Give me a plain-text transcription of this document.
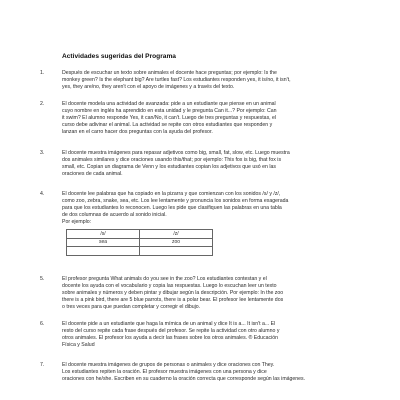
Actividades sugeridas del Programa
1.	Después de escuchar un texto sobre animales el docente hace preguntas; por ejemplo: Is the
monkey green? Is the elephant big? Are turtles fast? Los estudiantes responden yes, it is/no, it isn't,
yes, they are/no, they aren't con el apoyo de imágenes y a través del texto.

2.	El docente modela una actividad de avanzada: pide a un estudiante que piense en un animal
cuyo nombre en inglés ha aprendido en esta unidad y le pregunta Can it...? Por ejemplo: Can
it swim? El alumno responde Yes, it can/No, it can't. Luego de tres preguntas y respuestas, el
curso debe adivinar el animal. La actividad se repite con otros estudiantes que responden y
lanzan en el carro hacer dos preguntas con la ayuda del profesor.

3.	El docente muestra imágenes para repasar adjetivos como big, small, fat, slow, etc. Luego muestra
dos animales similares y dice oraciones usando this/that; por ejemplo: This fox is big, that fox is
small, etc. Copian un diagrama de Venn y los estudiantes copian los adjetivos que usó en las
oraciones de cada animal.

4.	El docente lee palabras que ha copiado en la pizarra y que comienzan con los sonidos /s/ y /z/,
como zoo, zebra, snake, sea, etc. Los lee lentamente y pronuncia los sonidos en forma exagerada
para que los estudiantes lo reconocen. Luego les pide que clasifiquen las palabras en una tabla
de dos columnas de acuerdo al sonido inicial.
Por ejemplo:

/s/	/z/
sea	zoo

5.	El profesor pregunta What animals do you see in the zoo? Los estudiantes contestan y el
docente los ayuda con el vocabulario y copia las respuestas. Luego lo escuchan leer un texto
sobre animales y números y deben pintar y dibujar según la descripción. Por ejemplo: In the zoo
there is a pink bird, there are 5 blue parrots, there is a polar bear. El profesor lee lentamente dos
o tres veces para que puedan completar y corregir el dibujo.

6.	El docente pide a un estudiante que haga la mímica de un animal y dice It is a... It isn't a... El
resto del curso repite cada frase después del profesor. Se repite la actividad con otro alumno y
otros animales. El profesor los ayuda a decir las frases sobre los otros animales. ® Educación
Física y Salud

7.	El docente muestra imágenes de grupos de personas o animales y dice oraciones con They.
Los estudiantes repiten la oración. El profesor muestra imágenes con una persona y dice
oraciones con he/she. Escriben en su cuaderno la oración correcta que corresponde según las imágenes.
